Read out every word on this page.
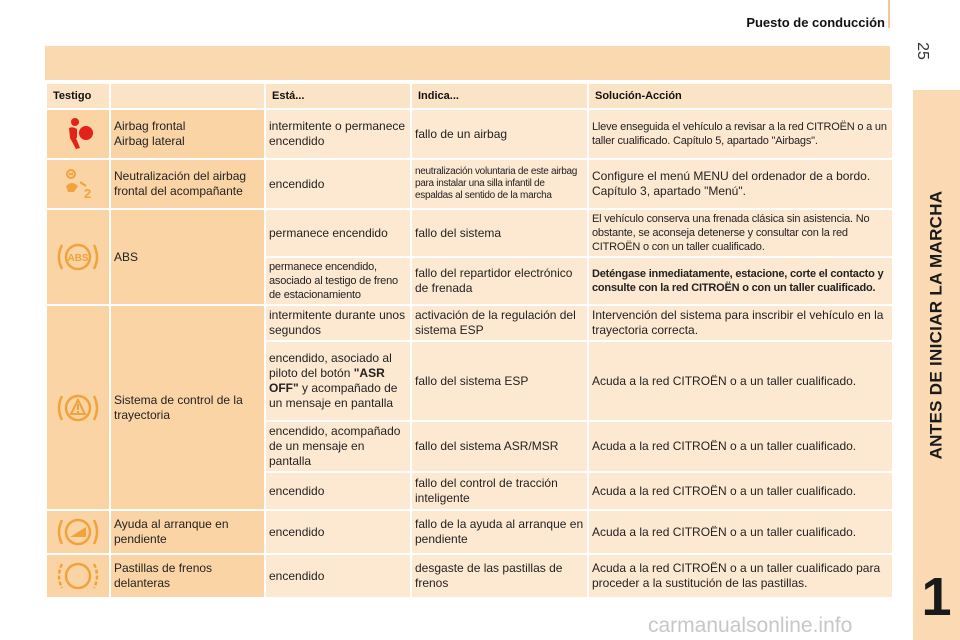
Puesto de conducción
25
ANTES DE INICIAR LA MARCHA
1
Testigo		Está...	Indica...	Solución-Acción

Airbag frontal
Airbag lateral	intermitente o permanece encendido	fallo de un airbag	Lleve enseguida el vehículo a revisar a la red CITROËN o a un taller cualificado. Capítulo 5, apartado "Airbags".

2	Neutralización del airbag frontal del acompañante	encendido	neutralización voluntaria de este airbag para instalar una silla infantil de espaldas al sentido de la marcha	Configure el menú MENU del ordenador de a bordo. Capítulo 3, apartado "Menú".

ABS	ABS	permanece encendido	fallo del sistema	El vehículo conserva una frenada clásica sin asistencia. No obstante, se aconseja detenerse y consultar con la red CITROËN o con un taller cualificado.
		permanece encendido, asociado al testigo de freno de estacionamiento	fallo del repartidor electrónico de frenada	Deténgase inmediatamente, estacione, corte el contacto y consulte con la red CITROËN o con un taller cualificado.

	Sistema de control de la trayectoria	intermitente durante unos segundos	activación de la regulación del sistema ESP	Intervención del sistema para inscribir el vehículo en la trayectoria correcta.
		encendido, asociado al piloto del botón "ASR OFF" y acompañado de un mensaje en pantalla	fallo del sistema ESP	Acuda a la red CITROËN o a un taller cualificado.
		encendido, acompañado de un mensaje en pantalla	fallo del sistema ASR/MSR	Acuda a la red CITROËN o a un taller cualificado.
		encendido	fallo del control de tracción inteligente	Acuda a la red CITROËN o a un taller cualificado.

	Ayuda al arranque en pendiente	encendido	fallo de la ayuda al arranque en pendiente	Acuda a la red CITROËN o a un taller cualificado.

	Pastillas de frenos delanteras	encendido	desgaste de las pastillas de frenos	Acuda a la red CITROËN o a un taller cualificado para proceder a la sustitución de las pastillas.
carmanualsonline.info
